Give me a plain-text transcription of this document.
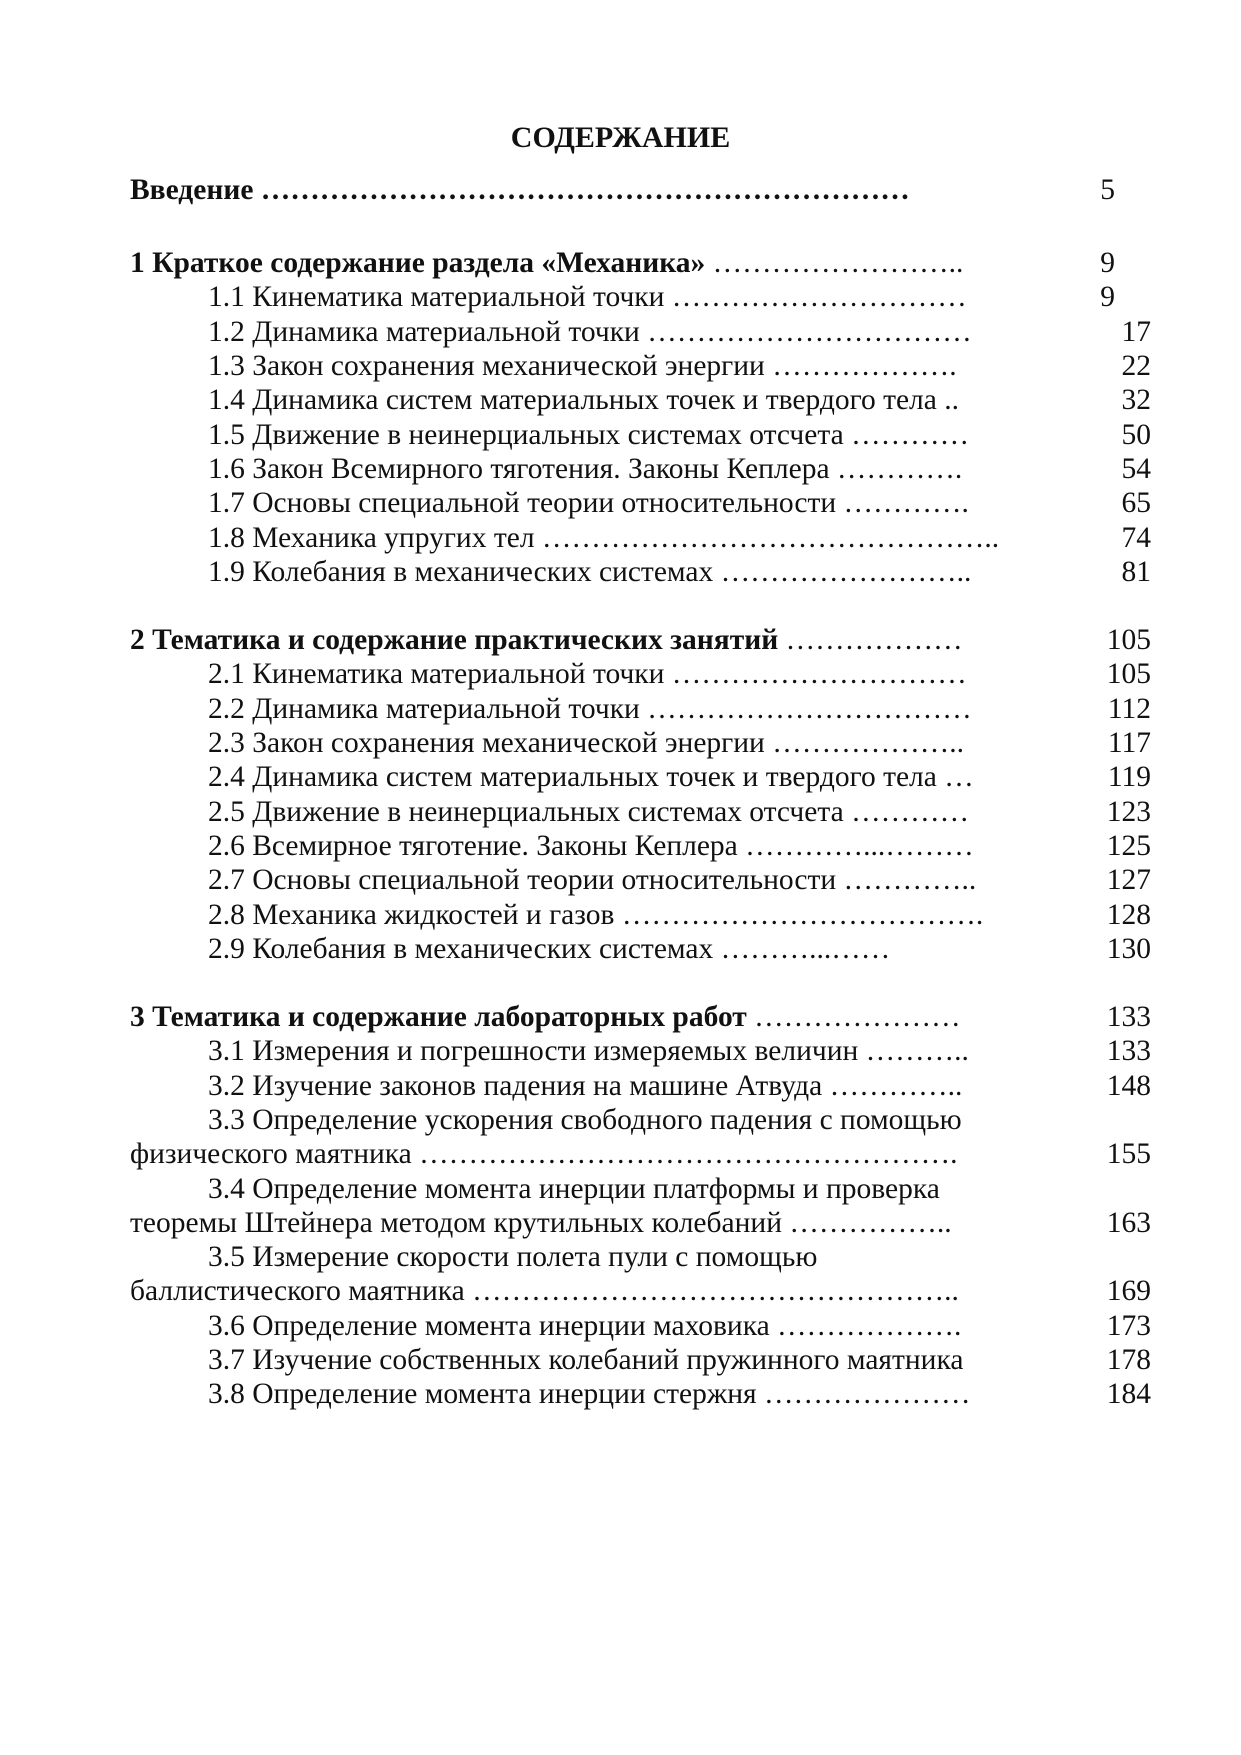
СОДЕРЖАНИЕ
Введение …………………………………………………………	5
1 Краткое содержание раздела «Механика» ……………………..	9
1.1 Кинематика материальной точки …………………………	9
1.2 Динамика материальной точки ……………………………	17
1.3 Закон сохранения механической энергии ……………….	22
1.4 Динамика систем материальных точек и твердого тела ..	32
1.5 Движение в неинерциальных системах отсчета …………	50
1.6 Закон Всемирного тяготения. Законы Кеплера ………….	54
1.7 Основы специальной теории относительности ………….	65
1.8 Механика упругих тел ………………………………………..	74
1.9 Колебания в механических системах ……………………..	81
2 Тематика и содержание практических занятий ………………	105
2.1 Кинематика материальной точки …………………………	105
2.2 Динамика материальной точки ……………………………	112
2.3 Закон сохранения механической энергии ………………..	117
2.4 Динамика систем материальных точек и твердого тела …	119
2.5 Движение в неинерциальных системах отсчета …………	123
2.6 Всемирное тяготение. Законы Кеплера …………...………	125
2.7 Основы специальной теории относительности …………..	127
2.8 Механика жидкостей и газов ……………………………….	128
2.9 Колебания в механических системах ………...……	130
3 Тематика и содержание лабораторных работ …………………	133
3.1 Измерения и погрешности измеряемых величин ………..	133
3.2 Изучение законов падения на машине Атвуда …………..	148
3.3 Определение ускорения свободного падения с помощью
физического маятника ……………………………………………….	155
3.4 Определение момента инерции платформы и проверка
теоремы Штейнера методом крутильных колебаний ……………..	163
3.5 Измерение скорости полета пули с помощью
баллистического маятника …………………………………………..	169
3.6 Определение момента инерции маховика ……………….	173
3.7 Изучение собственных колебаний пружинного маятника	178
3.8 Определение момента инерции стержня …………………	184
